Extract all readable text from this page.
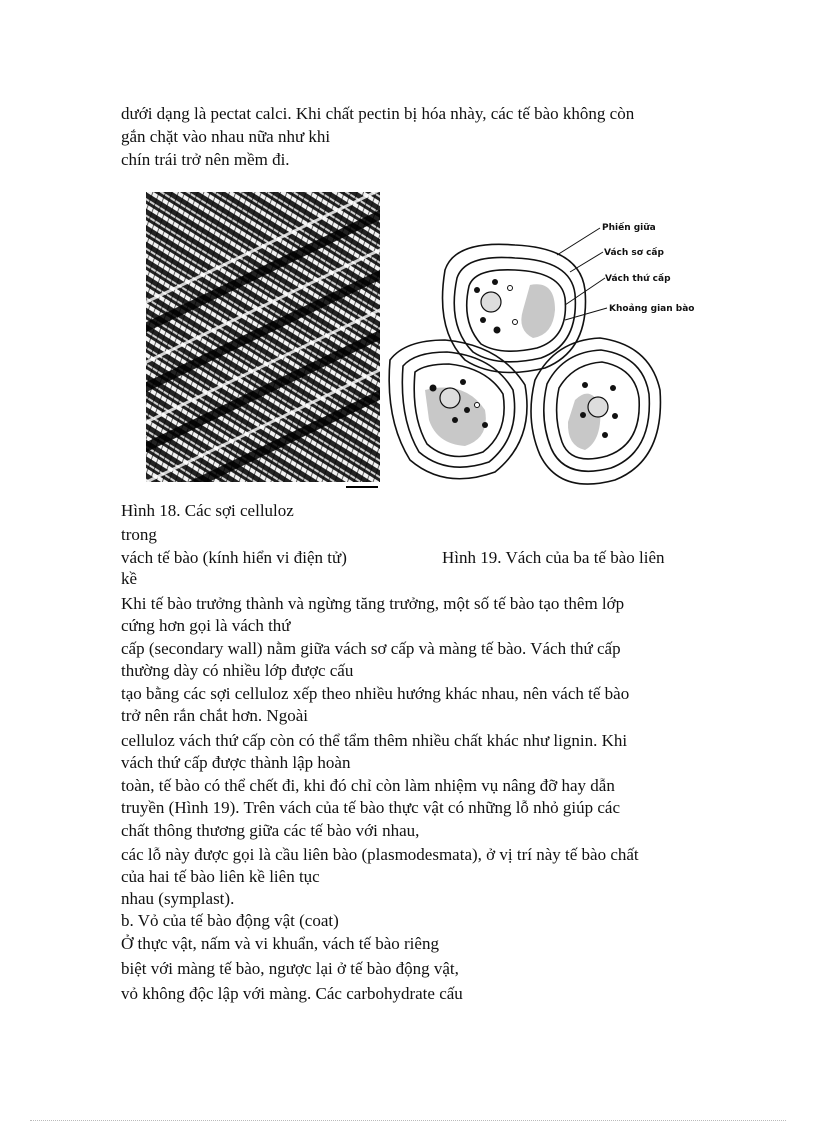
dưới dạng là pectat calci. Khi chất pectin bị hóa nhày, các tế bào không còn
gắn chặt vào nhau nữa như khi
chín trái trở nên mềm đi.
Phiến giữa
Vách sơ cấp
Vách thứ cấp
Khoảng gian bào
Hình 18. Các sợi celluloz
trong
vách tế bào (kính hiển vi điện tử)	Hình 19. Vách của ba tế bào liên
kề
Khi tế bào trưởng thành và ngừng tăng trưởng, một số tế bào tạo thêm lớp
cứng hơn gọi là vách thứ
cấp (secondary wall) nằm giữa vách sơ cấp và màng tế bào. Vách thứ cấp
thường dày có nhiều lớp được cấu
tạo bằng các sợi celluloz xếp theo nhiều hướng khác nhau, nên vách tế bào
trở nên rắn chắt hơn. Ngoài
celluloz vách thứ cấp còn có thể tẩm thêm nhiều chất khác như lignin. Khi
vách thứ cấp được thành lập hoàn
toàn, tế bào có thể chết đi, khi đó chỉ còn làm nhiệm vụ nâng đỡ hay dẫn
truyền (Hình 19). Trên vách của tế bào thực vật có những lỗ nhỏ giúp các
chất thông thương giữa các tế bào với nhau,
các lỗ này được gọi là cầu liên bào (plasmodesmata), ở vị trí này tế bào chất
của hai tế bào liên kề liên tục
nhau (symplast).
b. Vỏ của tế bào động vật (coat)
Ở thực vật, nấm và vi khuẩn, vách tế bào riêng
biệt với màng tế bào, ngược lại ở tế bào động vật,
vỏ không độc lập với màng. Các carbohydrate cấu
